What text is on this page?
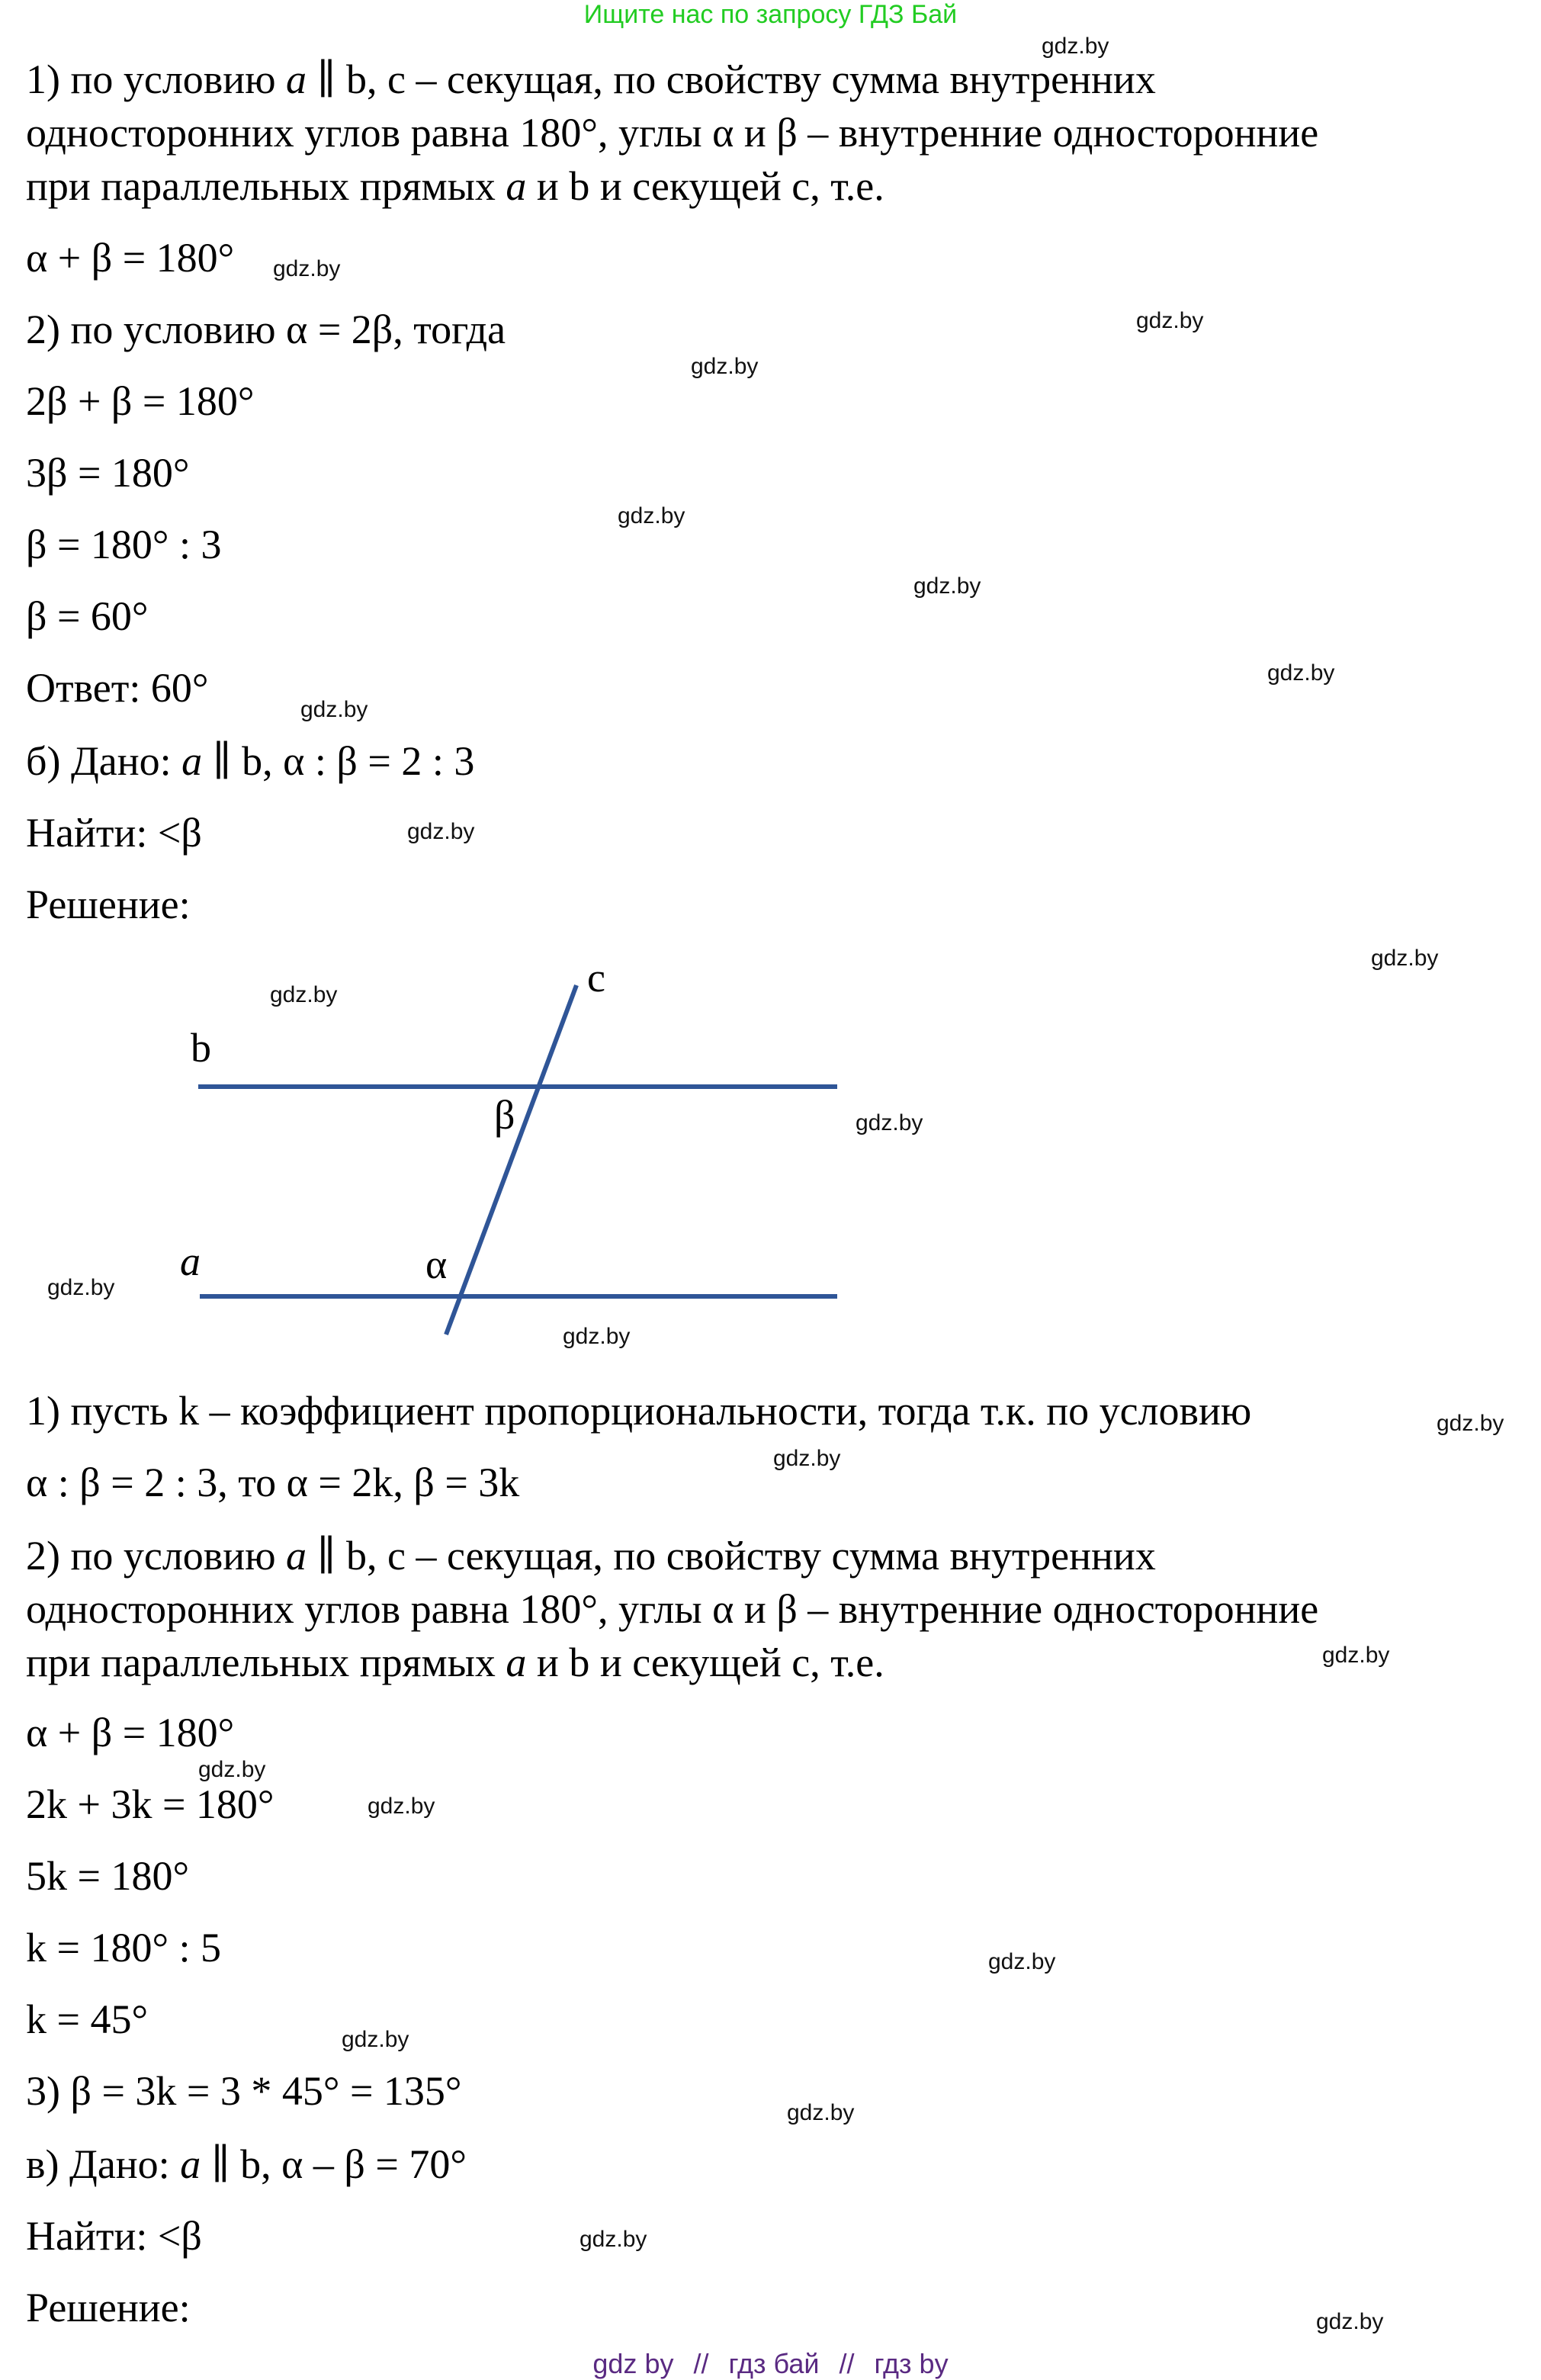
Ищите нас по запросу ГДЗ Бай
1) по условию a ∥ b, c – секущая, по свойству сумма внутренних
односторонних углов равна 180°, углы α и β – внутренние односторонние
при параллельных прямых a и b и секущей c, т.е.
α + β = 180°
2) по условию α = 2β, тогда
2β + β = 180°
3β = 180°
β = 180° : 3
β = 60°
Ответ: 60°
б) Дано: a ∥ b, α : β = 2 : 3
Найти: <β
Решение:
c
b
a
β
α
1) пусть k – коэффициент пропорциональности, тогда т.к. по условию
α : β = 2 : 3, то α = 2k, β = 3k
2) по условию a ∥ b, c – секущая, по свойству сумма внутренних
односторонних углов равна 180°, углы α и β – внутренние односторонние
при параллельных прямых a и b и секущей c, т.е.
α + β = 180°
2k + 3k = 180°
5k = 180°
k = 180° : 5
k = 45°
3) β = 3k = 3 * 45° = 135°
в) Дано: a ∥ b, α – β = 70°
Найти: <β
Решение:
gdz.by
gdz.by
gdz.by
gdz.by
gdz.by
gdz.by
gdz.by
gdz.by
gdz.by
gdz.by
gdz.by
gdz.by
gdz.by
gdz.by
gdz.by
gdz.by
gdz.by
gdz.by
gdz.by
gdz.by
gdz.by
gdz.by
gdz.by
gdz.by
gdz by // гдз бай // гдз by
